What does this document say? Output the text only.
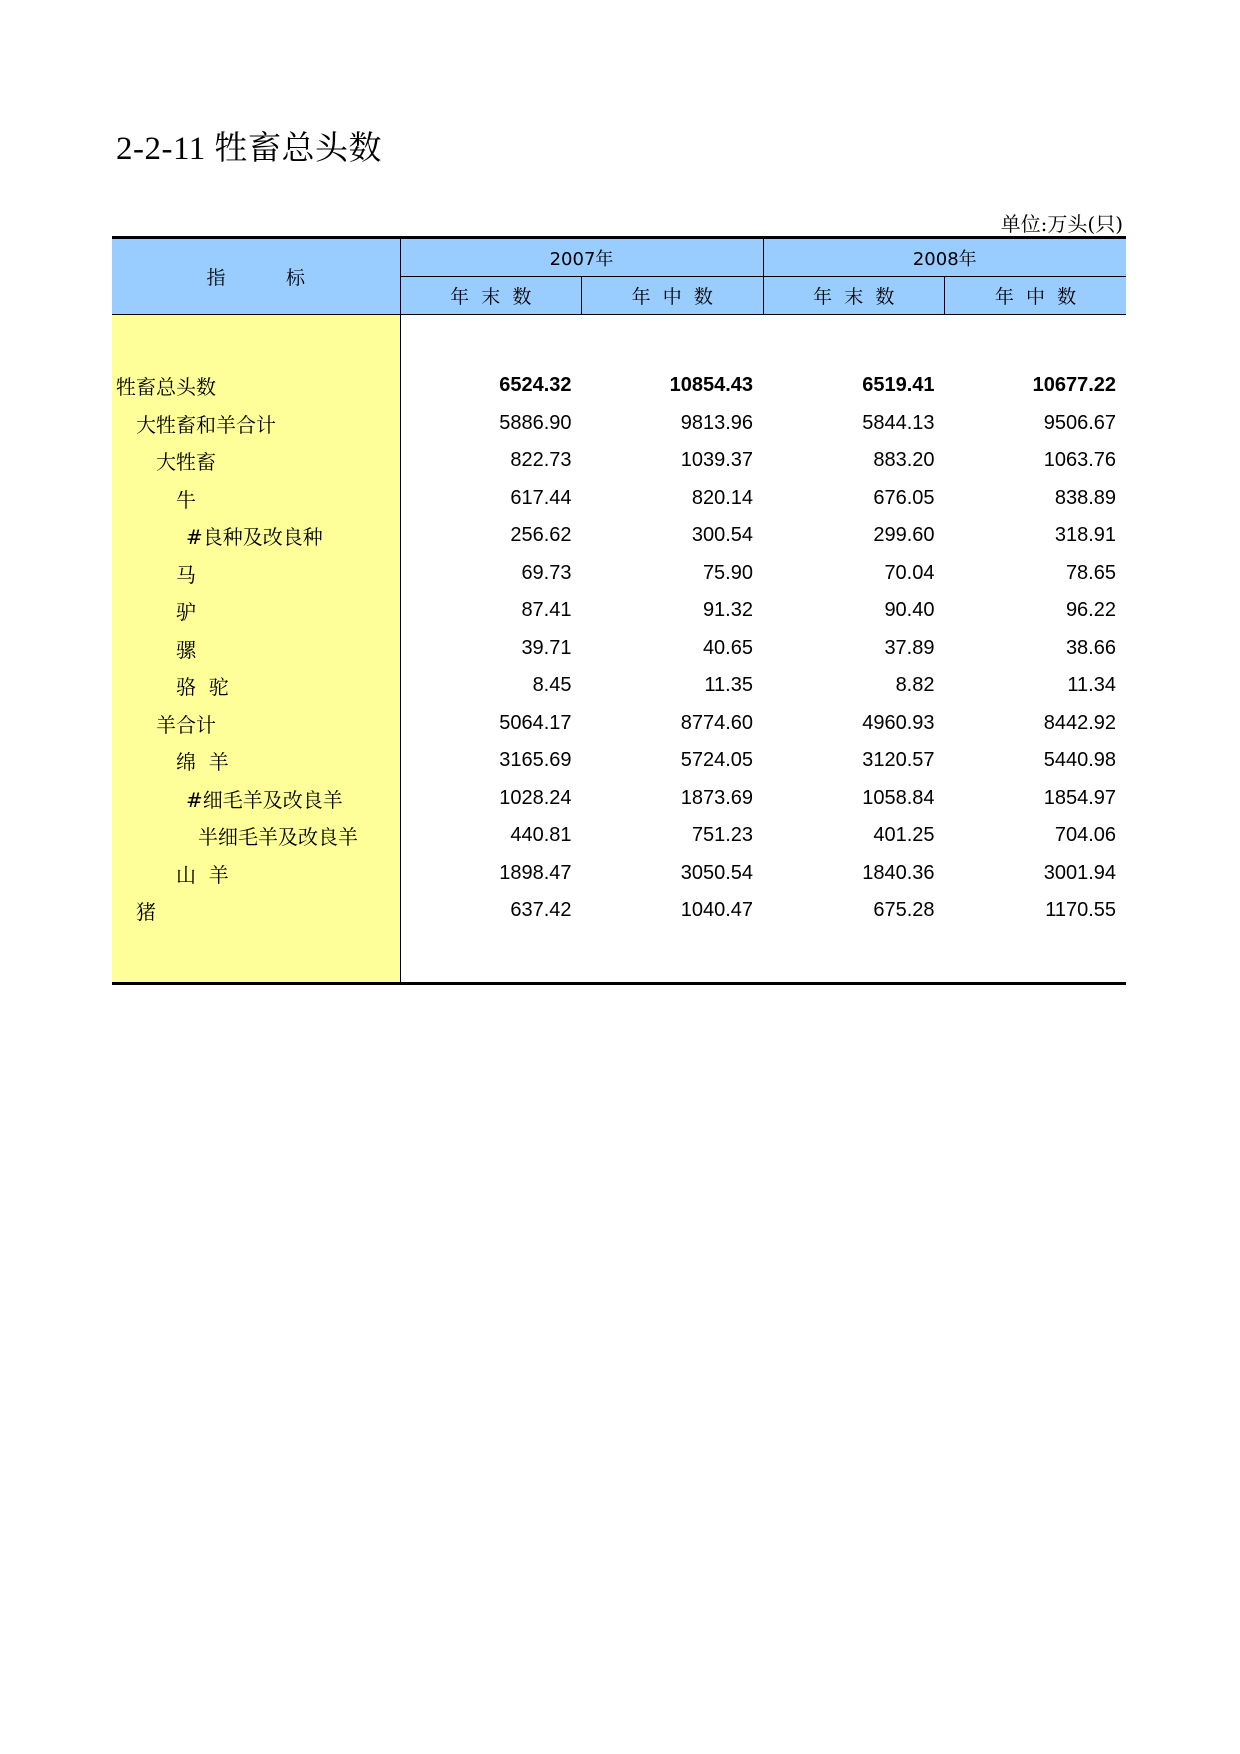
2-2-11 牲畜总头数
单位:万头(只)
指          标	2007年		2008年	
	年  末  数	年  中  数	年  末  数	年  中  数

牲畜总头数	6524.32	10854.43	6519.41	10677.22
大牲畜和羊合计	5886.90	9813.96	5844.13	9506.67
大牲畜	822.73	1039.37	883.20	1063.76
牛	617.44	820.14	676.05	838.89
#良种及改良种	256.62	300.54	299.60	318.91
马	69.73	75.90	70.04	78.65
驴	87.41	91.32	90.40	96.22
骡	39.71	40.65	37.89	38.66
骆  驼	8.45	11.35	8.82	11.34
羊合计	5064.17	8774.60	4960.93	8442.92
绵  羊	3165.69	5724.05	3120.57	5440.98
#细毛羊及改良羊	1028.24	1873.69	1058.84	1854.97
半细毛羊及改良羊	440.81	751.23	401.25	704.06
山  羊	1898.47	3050.54	1840.36	3001.94
猪	637.42	1040.47	675.28	1170.55
